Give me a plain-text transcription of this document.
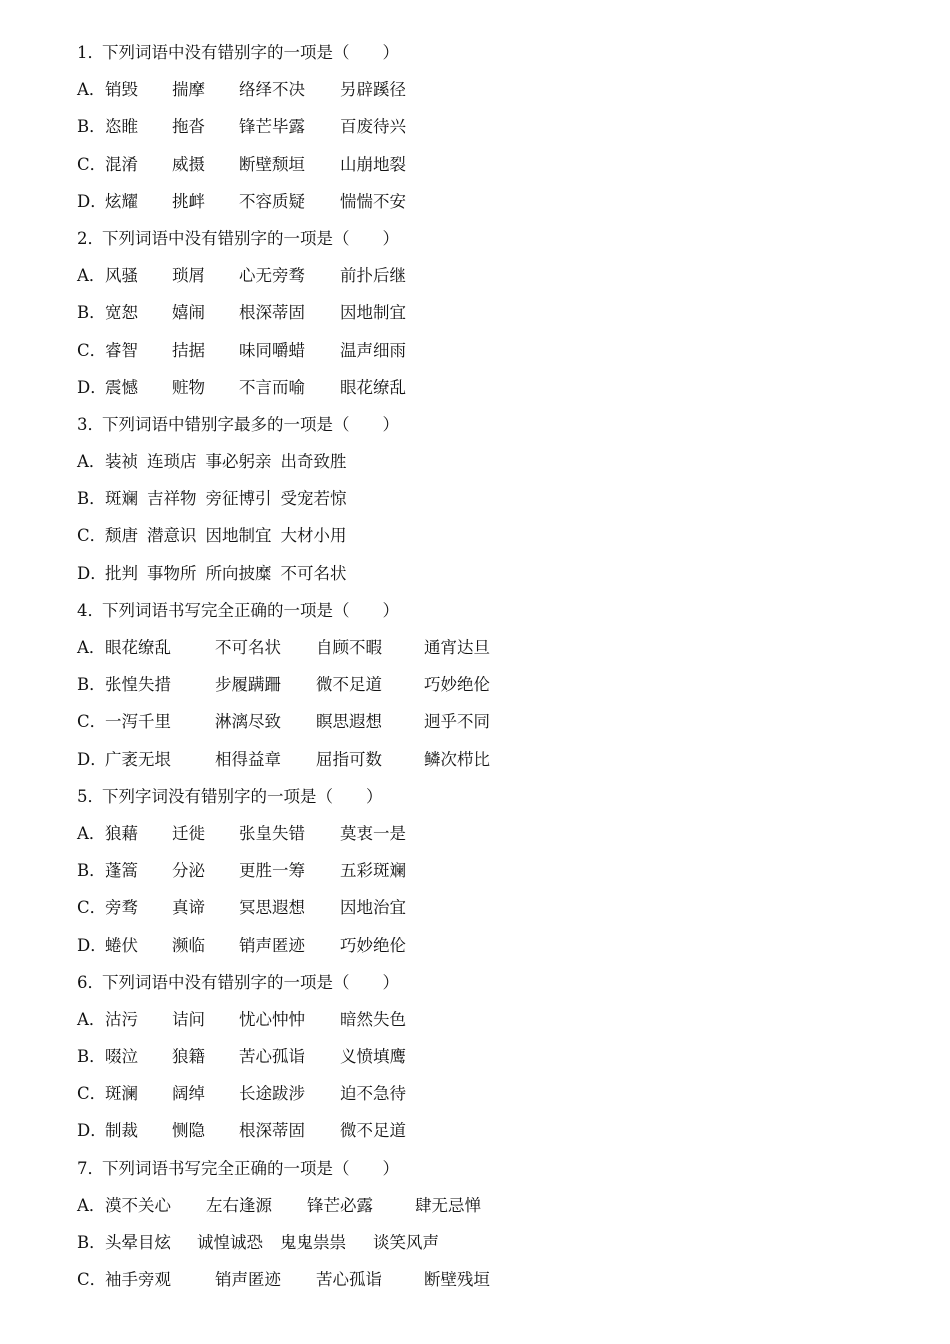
1．下列词语中没有错别字的一项是（　　）
A．销毁 揣摩 络绎不决 另辟蹊径
B．恣睢 拖沓 锋芒毕露 百废待兴
C．混淆 威摄 断壁颓垣 山崩地裂
D．炫耀 挑衅 不容质疑 惴惴不安
2．下列词语中没有错别字的一项是（　　）
A．风骚 琐屑 心无旁骛 前扑后继
B．宽恕 嬉闹 根深蒂固 因地制宜
C．睿智 拮据 味同嚼蜡 温声细雨
D．震憾 赃物 不言而喻 眼花缭乱
3．下列词语中错别字最多的一项是（　　）
A．装祯 连琐店 事必躬亲 出奇致胜
B．斑斓 吉祥物 旁征博引 受宠若惊
C．颓唐 潜意识 因地制宜 大材小用
D．批判 事物所 所向披糜 不可名状
4．下列词语书写完全正确的一项是（　　）
A．眼花缭乱	不可名状 自顾不暇	通宵达旦
B．张惶失措	步履蹒跚 微不足道	巧妙绝伦
C．一泻千里	淋漓尽致 瞑思遐想	迥乎不同
D．广袤无垠	相得益章 屈指可数	鳞次栉比
5．下列字词没有错别字的一项是（　　）
A．狼藉 迁徙 张皇失错 莫衷一是
B．蓬篙 分泌 更胜一筹 五彩斑斓
C．旁骛 真谛 冥思遐想 因地治宜
D．蜷伏 濒临 销声匿迹 巧妙绝伦
6．下列词语中没有错别字的一项是（　　）
A．沽污 诘问 忧心忡忡 暗然失色
B．啜泣 狼籍 苦心孤诣 义愤填鹰
C．斑澜 阔绰 长途跋涉 迫不急待
D．制裁 恻隐 根深蒂固 微不足道
7．下列词语书写完全正确的一项是（　　）
A．漠不关心 左右逢源 锋芒必露	肆无忌惮
B．头晕目炫 诚惶诚恐 鬼鬼祟祟 谈笑风声
C．袖手旁观	销声匿迹 苦心孤诣	断壁残垣
